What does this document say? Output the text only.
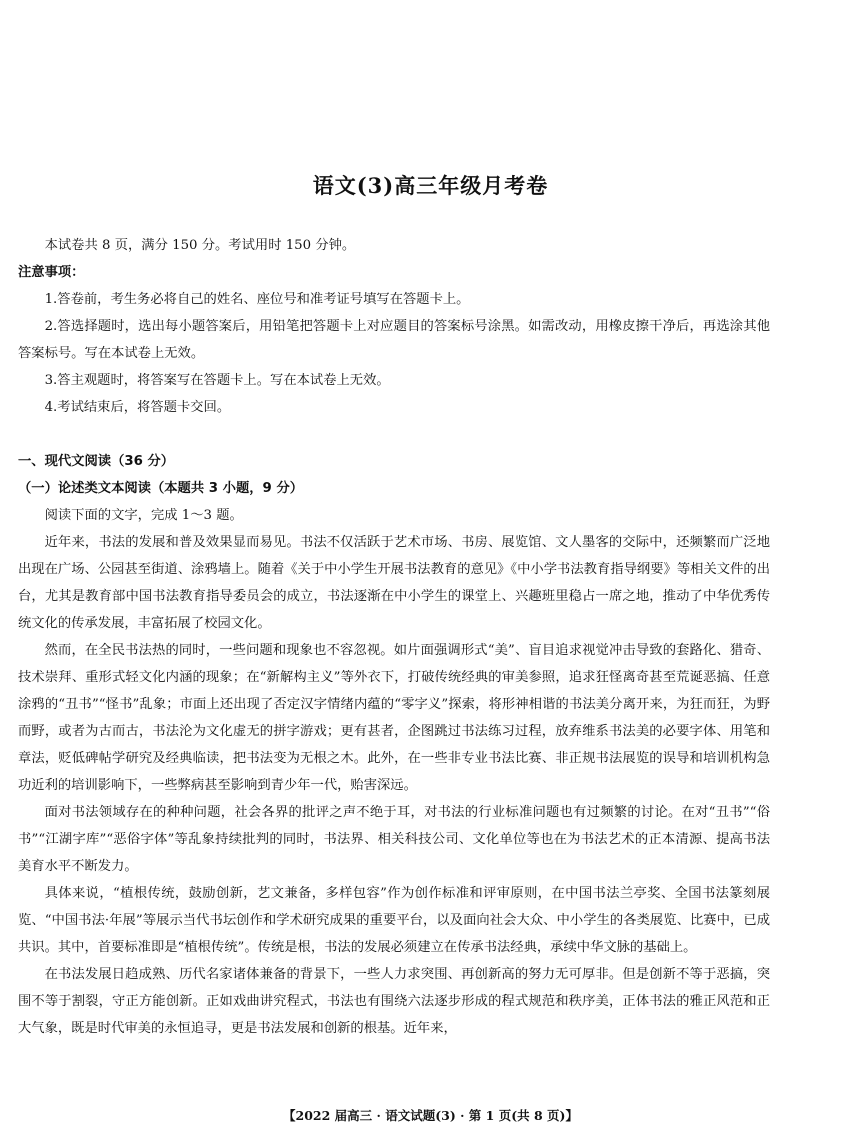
语文(3)高三年级月考卷

本试卷共 8 页，满分 150 分。考试用时 150 分钟。

注意事项：

1.答卷前，考生务必将自己的姓名、座位号和准考证号填写在答题卡上。

2.答选择题时，选出每小题答案后，用铅笔把答题卡上对应题目的答案标号涂黑。如需改动，用橡皮擦干净后，再选涂其他答案标号。写在本试卷上无效。

3.答主观题时，将答案写在答题卡上。写在本试卷上无效。

4.考试结束后，将答题卡交回。

一、现代文阅读（36 分）

（一）论述类文本阅读（本题共 3 小题，9 分）

阅读下面的文字，完成 1～3 题。

近年来，书法的发展和普及效果显而易见。书法不仅活跃于艺术市场、书房、展览馆、文人墨客的交际中，还频繁而广泛地出现在广场、公园甚至街道、涂鸦墙上。随着《关于中小学生开展书法教育的意见》《中小学书法教育指导纲要》等相关文件的出台，尤其是教育部中国书法教育指导委员会的成立，书法逐渐在中小学生的课堂上、兴趣班里稳占一席之地，推动了中华优秀传统文化的传承发展，丰富拓展了校园文化。

然而，在全民书法热的同时，一些问题和现象也不容忽视。如片面强调形式“美”、盲目追求视觉冲击导致的套路化、猎奇、技术崇拜、重形式轻文化内涵的现象；在“新解构主义”等外衣下，打破传统经典的审美参照，追求狂怪离奇甚至荒诞恶搞、任意涂鸦的“丑书”“怪书”乱象；市面上还出现了否定汉字情绪内蕴的“零字义”探索，将形神相谐的书法美分离开来，为狂而狂，为野而野，或者为古而古，书法沦为文化虚无的拼字游戏；更有甚者，企图跳过书法练习过程，放弃维系书法美的必要字体、用笔和章法，贬低碑帖学研究及经典临读，把书法变为无根之木。此外，在一些非专业书法比赛、非正规书法展览的误导和培训机构急功近利的培训影响下，一些弊病甚至影响到青少年一代，贻害深远。

面对书法领域存在的种种问题，社会各界的批评之声不绝于耳，对书法的行业标准问题也有过频繁的讨论。在对“丑书”“俗书”“江湖字库”“恶俗字体”等乱象持续批判的同时，书法界、相关科技公司、文化单位等也在为书法艺术的正本清源、提高书法美育水平不断发力。

具体来说，“植根传统，鼓励创新，艺文兼备，多样包容”作为创作标准和评审原则，在中国书法兰亭奖、全国书法篆刻展览、“中国书法·年展”等展示当代书坛创作和学术研究成果的重要平台，以及面向社会大众、中小学生的各类展览、比赛中，已成共识。其中，首要标准即是“植根传统”。传统是根，书法的发展必须建立在传承书法经典，承续中华文脉的基础上。

在书法发展日趋成熟、历代名家诸体兼备的背景下，一些人力求突围、再创新高的努力无可厚非。但是创新不等于恶搞，突围不等于割裂，守正方能创新。正如戏曲讲究程式，书法也有围绕六法逐步形成的程式规范和秩序美，正体书法的雅正风范和正大气象，既是时代审美的永恒追寻，更是书法发展和创新的根基。近年来，

【2022 届高三 · 语文试题(3) · 第 1 页(共 8 页)】
